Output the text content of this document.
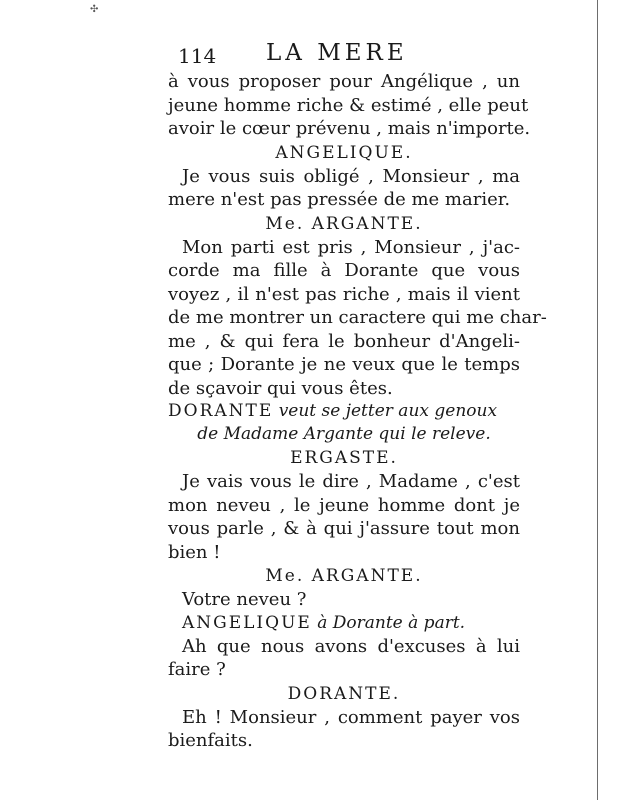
✣
114 LA MERE
à vous proposer pour Angélique , un
jeune homme riche & estimé , elle peut
avoir le cœur prévenu , mais n'importe.
ANGELIQUE.
Je vous suis obligé , Monsieur , ma
mere n'est pas pressée de me marier.
Me. ARGANTE.
Mon parti est pris , Monsieur , j'ac-
corde ma fille à Dorante que vous
voyez , il n'est pas riche , mais il vient
de me montrer un caractere qui me char-
me , & qui fera le bonheur d'Angeli-
que ; Dorante je ne veux que le temps
de sçavoir qui vous êtes.
DORANTE veut se jetter aux genoux
de Madame Argante qui le releve.
ERGASTE.
Je vais vous le dire , Madame , c'est
mon neveu , le jeune homme dont je
vous parle , & à qui j'assure tout mon
bien !
Me. ARGANTE.
Votre neveu ?
ANGELIQUE à Dorante à part.
Ah que nous avons d'excuses à lui
faire ?
DORANTE.
Eh ! Monsieur , comment payer vos
bienfaits.
